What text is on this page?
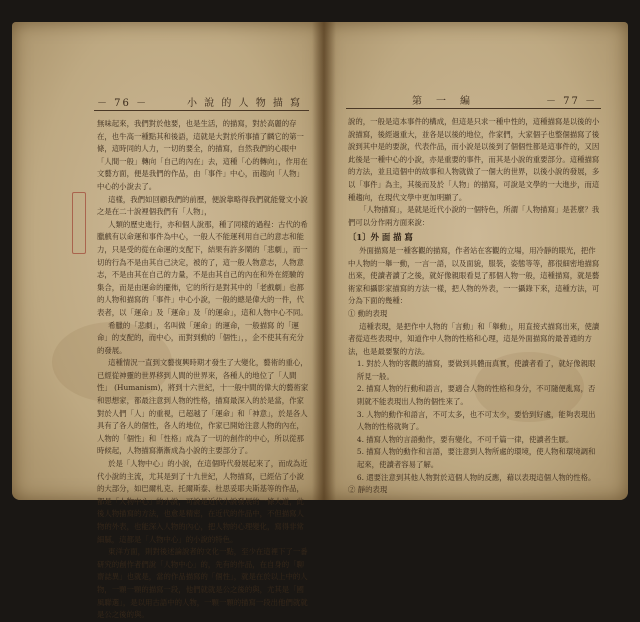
－ 76 －	小 說 的 人 物 描 寫

無味起來，我們對於他要，也是生活，的描寫，對於高麗的存在，也牛高一種點其和後語，這就是大對於所事描了麟它的第一條，這時同的人力，一切的要全，的描寫，自然我們的心眼中「人間一般」轉向「自己的內在」去，這種「心的轉向」，作用在文藝方面，便是我們的作品，由「事件」中心，而趨向「人物」中心的小說去了。

這樣，我們如回顧我們的前歷，便說靠略得我們就能覺文小說之是在二十說裡個我們有「人物」，

人類的歷史進行，亦和個人說那，種了同樣的過程：古代的希臘戲有以命運和事件為中心，一般人不能運利用自己的意志和能力，只是受的從在命運的支配下，結果有許多鬧的「悲劇」，而一切的行為不是由其自己決定，被的了，這一般人物意志，人物意志，不是由其在自己的力量，不是由其自己的內在和外在經驗的集合，而是由運命的擺佈，它的所行是對其中的「老戲劇」也都的人物和描寫的「事件」中心小說，一般的總是偉大的一件，代表者，以「運命」及「運命」及「的運命」，這和人物中心不同。

希臘的「悲劇」，名叫做「運命」的運命，一般描寫 的「運命」的支配的，而中心，而對到動的「個性」，，企不使其有充分的發展。

這種情況一直到文藝復興時期才發生了大變化，藝術的重心，已經從神靈的世界移到人間的世界來，各種人的地位了「人間性」 (Humanism)，將到十六世紀，十一般中間的偉大的藝術家和思想家，都最注意到人物的性格，描寫最深入的於是當，作家對於人們「人」的重視，已超越了「運命」和「神意」，於是各人具有了各人的個性，各人的地位，作家已開始注意人物的內在，人物的「個性」和「性格」成為了一切的創作的中心，所以從那時候起，人物描寫漸漸成為小說的主要部分了。

於是「人物中心」的小說，在這個時代發展起來了，而成為近代小說的主流，尤其是到了十九世紀，人物描寫，已經佔了小說的大部分，如巴爾札克、托爾斯泰、杜思妥耶夫斯基等的作品，都是「人物中心」的小說，可說是近代小說發展的一條大道，此後人物描寫的方法，也愈是精密，在近代的作品中，不但描寫人物的外表，也能深入人物的內心，把人物的心理變化，寫得非常細膩，這都是「人物中心」的小說的特色。

東洋方面，則對後述論說者的文化一點，至少在這裡下了一番研究的創作者們說「人物中心」的，先有的作品，在自身的「聊齋誌異」也就是，當的作品描寫的「個性」，就是在於以上中的人物，一顆一顆的描寫一段，他們就就是公之後的與，尤其是「國風聯選」，是以用古語中的人物，一顆一顆的描寫一段出他們就就是公之後的與。

第　一　編	－ 77 －

說的，一般是這本事件的構成，但這是只求一種中性的，這種描寫是以後的小說描寫，後經過重大，並各是以後的地位，作家們，大家個子也整個描寫了後說到其中是的要說，代表作品，而小說是以後到了個個性都是這事件的，又因此後是一種中心的小說，亦是重要的事件，而其是小說的重要部分。這種描寫的方法，並且這個中的故事和人物就做了一個大的世界，以後小說的發展，多以「事件」為主，其後而及於「人物」的描寫，可說是文學的一大進步，而這種趨向，在現代文學中更加明顯了。

「人物描寫」，是就是近代小說的一個特色，所謂「人物描寫」是甚麼？我們可以分作兩方面來說：

〔1〕外 面 描 寫

外面描寫是一種客觀的描寫，作者站在客觀的立場，用冷靜的眼光，把作中人物的一舉一動，一言一語，以及面貌，服裝，姿態等等，都很細密地描寫出來，使讀者讀了之後，就好像親眼看見了那個人物一般，這種描寫，就是藝術家和攝影家描寫的方法一樣，把人物的外表，一一攝錄下來，這種方法，可分為下面的幾種：

① 動的表現

這種表現，是把作中人物的「言動」和「舉動」，用直接式描寫出來，使讀者從這些表現中，知道作中人物的性格和心理，這是外面描寫的最普通的方法，也是最要緊的方法。

1. 對於人物的客觀的描寫，要做到具體而真實，使讀者看了，就好像親眼所見一般。

2. 描寫人物的行動和語言，要適合人物的性格和身分，不可隨便亂寫，否則就不能表現出人物的個性來了。

3. 人物的動作和語言，不可太多，也不可太少，要恰到好處，能夠表現出人物的性格就夠了。

4. 描寫人物的言語動作，要有變化，不可千篇一律，使讀者生厭。

5. 描寫人物的動作和言語，要注意到人物所處的環境，使人物和環境調和起來，使讀者容易了解。

6. 還要注意到其他人物對於這個人物的反應，藉以表現這個人物的性格。

② 靜的表現
